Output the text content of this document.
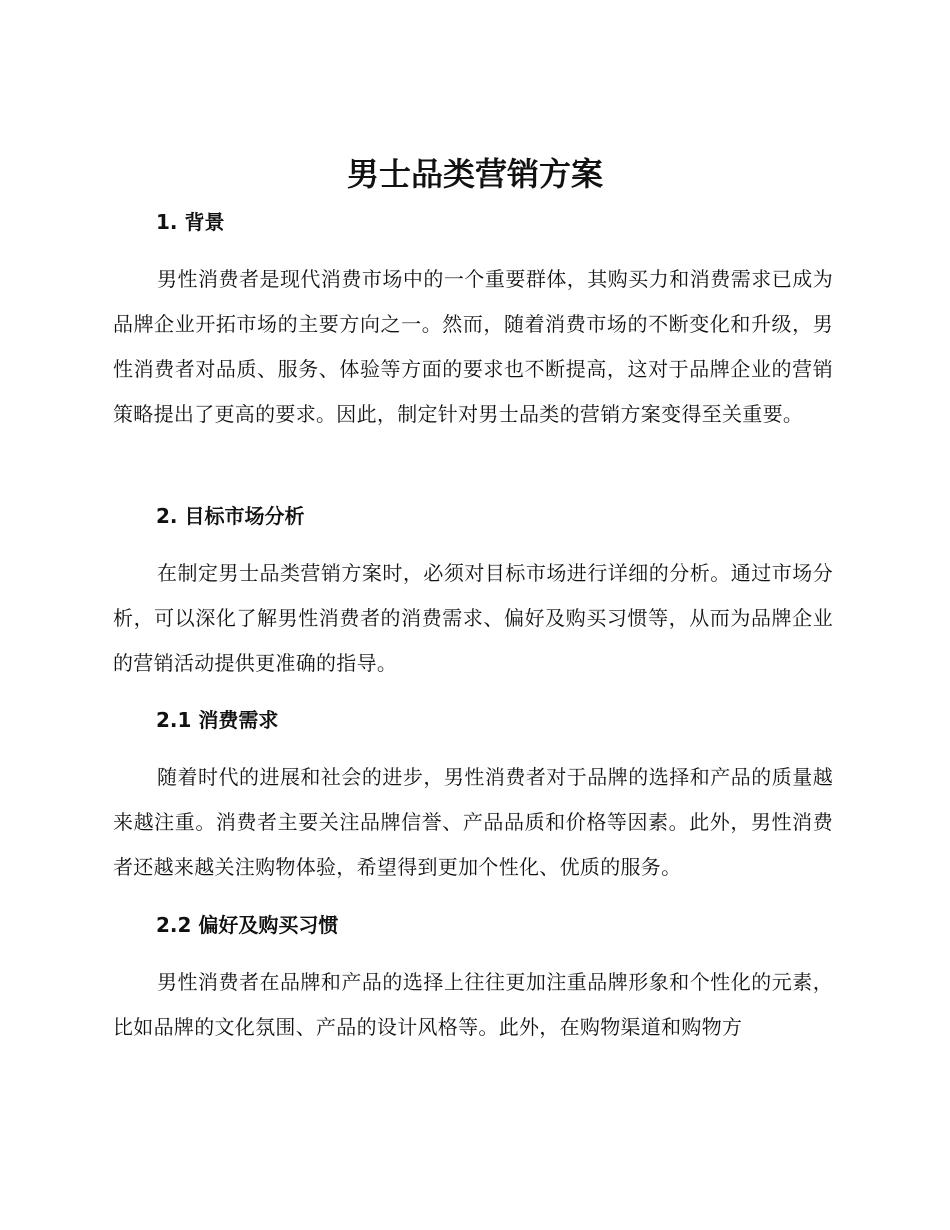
男士品类营销方案
1. 背景
男性消费者是现代消费市场中的一个重要群体，其购买力和消费需求已成为品牌企业开拓市场的主要方向之一。然而，随着消费市场的不断变化和升级，男性消费者对品质、服务、体验等方面的要求也不断提高，这对于品牌企业的营销策略提出了更高的要求。因此，制定针对男士品类的营销方案变得至关重要。
2. 目标市场分析
在制定男士品类营销方案时，必须对目标市场进行详细的分析。通过市场分析，可以深化了解男性消费者的消费需求、偏好及购买习惯等，从而为品牌企业的营销活动提供更准确的指导。
2.1 消费需求
随着时代的进展和社会的进步，男性消费者对于品牌的选择和产品的质量越来越注重。消费者主要关注品牌信誉、产品品质和价格等因素。此外，男性消费者还越来越关注购物体验，希望得到更加个性化、优质的服务。
2.2 偏好及购买习惯
男性消费者在品牌和产品的选择上往往更加注重品牌形象和个性化的元素，比如品牌的文化氛围、产品的设计风格等。此外，在购物渠道和购物方
